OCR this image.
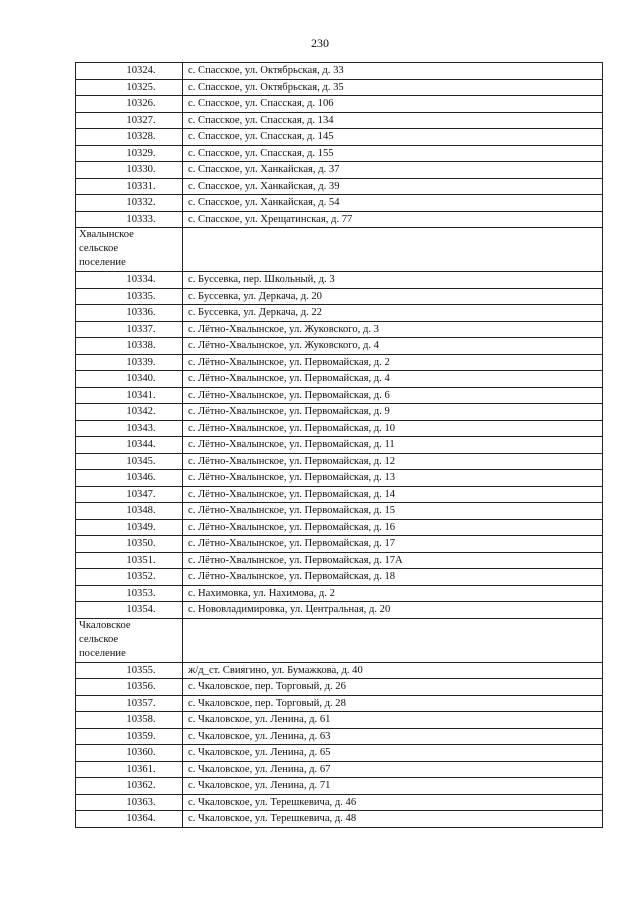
230
10324.	с. Спасское, ул. Октябрьская, д. 33
10325.	с. Спасское, ул. Октябрьская, д. 35
10326.	с. Спасское, ул. Спасская, д. 106
10327.	с. Спасское, ул. Спасская, д. 134
10328.	с. Спасское, ул. Спасская, д. 145
10329.	с. Спасское, ул. Спасская, д. 155
10330.	с. Спасское, ул. Ханкайская, д. 37
10331.	с. Спасское, ул. Ханкайская, д. 39
10332.	с. Спасское, ул. Ханкайская, д. 54
10333.	с. Спасское, ул. Хрещатинская, д. 77

Хвалынское
сельское
поселение	

10334.	с. Буссевка, пер. Школьный, д. 3
10335.	с. Буссевка, ул. Деркача, д. 20
10336.	с. Буссевка, ул. Деркача, д. 22
10337.	с. Лётно-Хвалынское, ул. Жуковского, д. 3
10338.	с. Лётно-Хвалынское, ул. Жуковского, д. 4
10339.	с. Лётно-Хвалынское, ул. Первомайская, д. 2
10340.	с. Лётно-Хвалынское, ул. Первомайская, д. 4
10341.	с. Лётно-Хвалынское, ул. Первомайская, д. 6
10342.	с. Лётно-Хвалынское, ул. Первомайская, д. 9
10343.	с. Лётно-Хвалынское, ул. Первомайская, д. 10
10344.	с. Лётно-Хвалынское, ул. Первомайская, д. 11
10345.	с. Лётно-Хвалынское, ул. Первомайская, д. 12
10346.	с. Лётно-Хвалынское, ул. Первомайская, д. 13
10347.	с. Лётно-Хвалынское, ул. Первомайская, д. 14
10348.	с. Лётно-Хвалынское, ул. Первомайская, д. 15
10349.	с. Лётно-Хвалынское, ул. Первомайская, д. 16
10350.	с. Лётно-Хвалынское, ул. Первомайская, д. 17
10351.	с. Лётно-Хвалынское, ул. Первомайская, д. 17А
10352.	с. Лётно-Хвалынское, ул. Первомайская, д. 18
10353.	с. Нахимовка, ул. Нахимова, д. 2
10354.	с. Нововладимировка, ул. Центральная, д. 20

Чкаловское
сельское
поселение	

10355.	ж/д_ст. Свиягино, ул. Бумажкова, д. 40
10356.	с. Чкаловское, пер. Торговый, д. 26
10357.	с. Чкаловское, пер. Торговый, д. 28
10358.	с. Чкаловское, ул. Ленина, д. 61
10359.	с. Чкаловское, ул. Ленина, д. 63
10360.	с. Чкаловское, ул. Ленина, д. 65
10361.	с. Чкаловское, ул. Ленина, д. 67
10362.	с. Чкаловское, ул. Ленина, д. 71
10363.	с. Чкаловское, ул. Терешкевича, д. 46
10364.	с. Чкаловское, ул. Терешкевича, д. 48
